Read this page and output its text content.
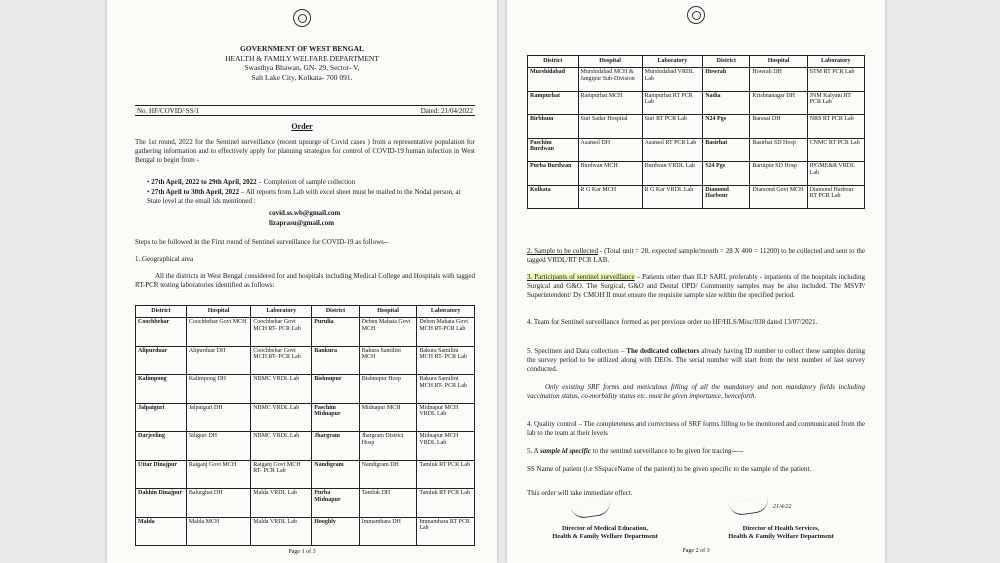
GOVERNMENT OF WEST BENGAL
HEALTH & FAMILY WELFARE DEPARTMENT
Swasthya Bhawan, GN- 29, Sector- V,
Salt Lake City, Kolkata- 700 091.
No. HF/COVID/ SS/1	Dated: 21/04/2022
Order
The 1st round, 2022 for the Sentinel surveillance (recent upsurge of Covid cases ) from a representative population for gathering information and to effectively apply for planning strategies for control of COVID-19 human infection in West Bengal to begin from -
• 27th April, 2022 to 29th April, 2022 – Completion of sample collection
• 27th April to 30th April, 2022 – All reports from Lab with excel sheet must be mailed to the Nodal person, at State level at the email ids mentioned :
covid.ss.wb@gmail.com
lizaprasu@gmail.com
Steps to be followed in the First round of Sentinel surveillance for COVID-19 as follows--
1. Geographical area
All the districts in West Bengal considered for and hospitals including Medical College and Hospitals with tagged RT-PCR testing laboratories identified as follows:
District	Hospital	Laboratory	District	Hospital	Laboratory
Coochbehar	Coochbehar Govt MCH	Coochbehar Govt MCH RT- PCR Lab	Purulia	Deben Mahata Govt MCH	Deben Mahata Govt MCH RT-PCR Lab
Alipurduar	Alipurduar DH	Coochbehar Govt MCH RT- PCR Lab	Bankura	Bakura Samilini MCH	Bakura Samilini MCH RT- PCR Lab
Kalimpong	Kalimpong DH	NBMC VRDL Lab	Bishnupur	Bishnupur Hosp	Bakura Samilini MCH RT- PCR Lab
Jalpaiguri	Jalpaiguri DH	NBMC VRDL Lab	Paschim Midnapur	Midnapur MCH	Midnapur MCH VRDL Lab
Darjeeling	Siliguri DH	NBMC VRDL Lab	Jhargram	Jhargram District Hosp	Midnapur MCH VRDL Lab
Uttar Dinajpur	Raiganj Govt MCH	Raiganj Govt MCH RT- PCR Lab	Nandigram	Nandigram DH	Tamluk RT PCR Lab
Dakhin Dinajpur	Balurghat DH	Malda VRDL Lab	Purba Midnapur	Tamluk DH	Tamluk RT PCR Lab
Malda	Malda MCH	Malda VRDL Lab	Hooghly	Immambara DH	Immambara RT PCR Lab
Page 1 of 3
District	Hospital	Laboratory	District	Hospital	Laboratory
Murshidabad	Murshidabad MCH & Jangipur Sub-Division	Murshidabad VRDL Lab	Howrah	Howrah DH	STM RT PCR Lab
Rampurhat	Rampurhat MCH	Rampurhat RT PCR Lab	Nadia	Krishnanagar DH	JNM Kalyani RT PCR Lab
Birbhum	Suri Sadar Hospital	Suri RT PCR Lab	N24 Pgs	Barasat DH	NRS RT PCR Lab
Paschim Burdwan	Asansol DH	Asansol RT PCR Lab	Basirhat	Basirhat SD Hosp	CNMC RT PCR Lab
Purba Burdwan	Burdwan MCH	Burdwan VRDL Lab	S24 Pgs	Baruipur SD Hosp	IPGME&R VRDL Lab
Kolkata	R G Kar MCH	R G Kar VRDL Lab	Diamond Harbour	Diamond Govt MCH	Diamond Harbour RT PCR Lab
2. Sample to be collected - (Total unit = 28, expected sample/month = 28 X 400 = 11200) to be collected and sent to the tagged VRDL/RT PCR LAB.
3. Participants of sentinel surveillance – Patients other than ILI/ SARI, preferably - inpatients of the hospitals including Surgical and G&O. The Surgical, G&O and Dental OPD/ Community samples may be also included. The MSVP/ Superintendent/ Dy CMOH II must ensure the requisite sample size within the specified period.
4. Team for Sentinel surveillance formed as per previous order no HF/HLS/Misc/038 dated 13/07/2021.
5. Specimen and Data collection – The dedicated collectors already having ID number to collect these samples during the survey period to be utilized along with DEOs. The serial number will start from the next number of last survey conducted.
Only existing SRF forms and meticulous filling of all the mandatory and non mandatory fields including vaccination status, co-morbidity status etc. must be given importance, henceforth.
4. Quality control – The completeness and correctness of SRF forms filling to be monitored and communicated from the lab to the team at their levels
5. A sample id specific to the sentinel surveillance to be given for tracing-----
SS Name of patient (i.e SSspaceName of the patient) to be given specific to the sample of the patient.
This order will take immediate effect.
21/4/22
Director of Medical Education,
Health & Family Welfare Department
Director of Health Services,
Health & Family Welfare Department
Page 2 of 3
